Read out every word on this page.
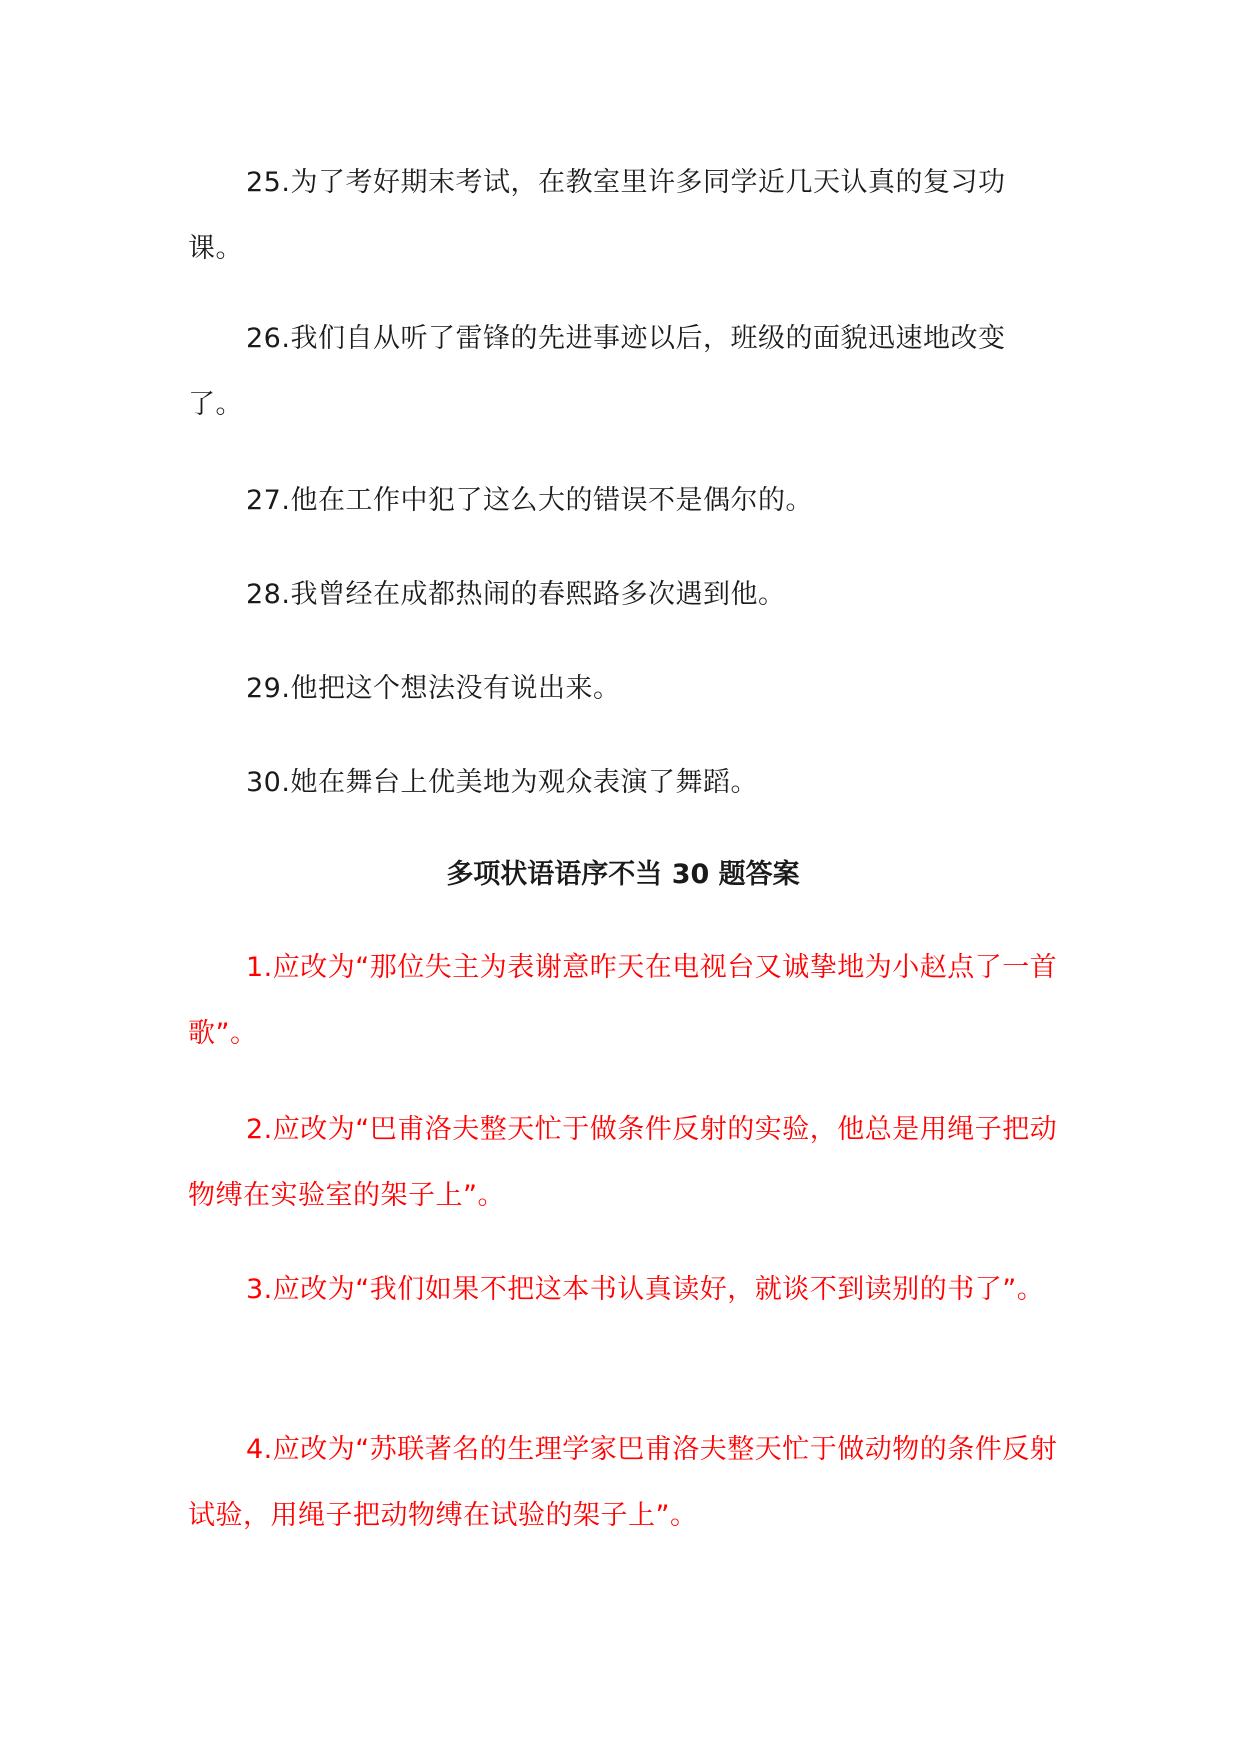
25.为了考好期末考试，在教室里许多同学近几天认真的复习功课。

26.我们自从听了雷锋的先进事迹以后，班级的面貌迅速地改变了。

27.他在工作中犯了这么大的错误不是偶尔的。

28.我曾经在成都热闹的春熙路多次遇到他。

29.他把这个想法没有说出来。

30.她在舞台上优美地为观众表演了舞蹈。

多项状语语序不当 30 题答案

1.应改为“那位失主为表谢意昨天在电视台又诚挚地为小赵点了一首歌”。

2.应改为“巴甫洛夫整天忙于做条件反射的实验，他总是用绳子把动物缚在实验室的架子上”。

3.应改为“我们如果不把这本书认真读好，就谈不到读别的书了”。

4.应改为“苏联著名的生理学家巴甫洛夫整天忙于做动物的条件反射试验，用绳子把动物缚在试验的架子上”。
